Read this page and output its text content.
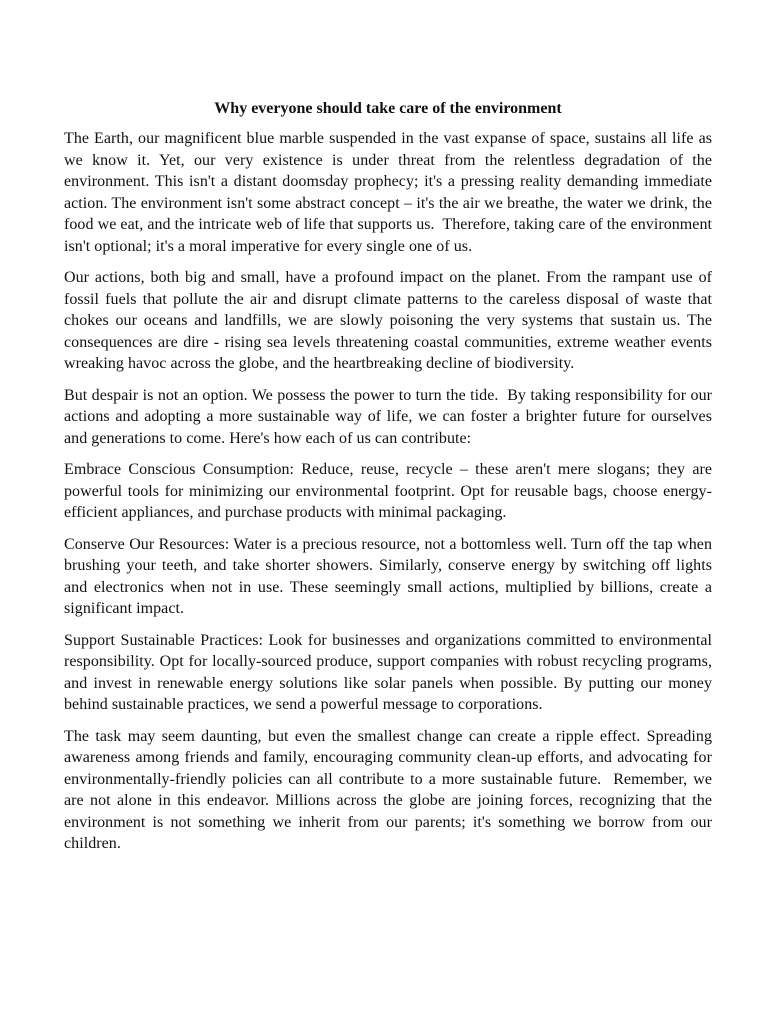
Why everyone should take care of the environment

The Earth, our magnificent blue marble suspended in the vast expanse of space, sustains all life as we know it. Yet, our very existence is under threat from the relentless degradation of the environment. This isn't a distant doomsday prophecy; it's a pressing reality demanding immediate action. The environment isn't some abstract concept – it's the air we breathe, the water we drink, the food we eat, and the intricate web of life that supports us.  Therefore, taking care of the environment isn't optional; it's a moral imperative for every single one of us.

Our actions, both big and small, have a profound impact on the planet. From the rampant use of fossil fuels that pollute the air and disrupt climate patterns to the careless disposal of waste that chokes our oceans and landfills, we are slowly poisoning the very systems that sustain us. The consequences are dire - rising sea levels threatening coastal communities, extreme weather events wreaking havoc across the globe, and the heartbreaking decline of biodiversity.

But despair is not an option. We possess the power to turn the tide.  By taking responsibility for our actions and adopting a more sustainable way of life, we can foster a brighter future for ourselves and generations to come. Here's how each of us can contribute:

Embrace Conscious Consumption: Reduce, reuse, recycle – these aren't mere slogans; they are powerful tools for minimizing our environmental footprint. Opt for reusable bags, choose energy-efficient appliances, and purchase products with minimal packaging.

Conserve Our Resources: Water is a precious resource, not a bottomless well. Turn off the tap when brushing your teeth, and take shorter showers. Similarly, conserve energy by switching off lights and electronics when not in use. These seemingly small actions, multiplied by billions, create a significant impact.

Support Sustainable Practices: Look for businesses and organizations committed to environmental responsibility. Opt for locally-sourced produce, support companies with robust recycling programs, and invest in renewable energy solutions like solar panels when possible. By putting our money behind sustainable practices, we send a powerful message to corporations.

The task may seem daunting, but even the smallest change can create a ripple effect. Spreading awareness among friends and family, encouraging community clean-up efforts, and advocating for environmentally-friendly policies can all contribute to a more sustainable future.  Remember, we are not alone in this endeavor. Millions across the globe are joining forces, recognizing that the environment is not something we inherit from our parents; it's something we borrow from our children.
